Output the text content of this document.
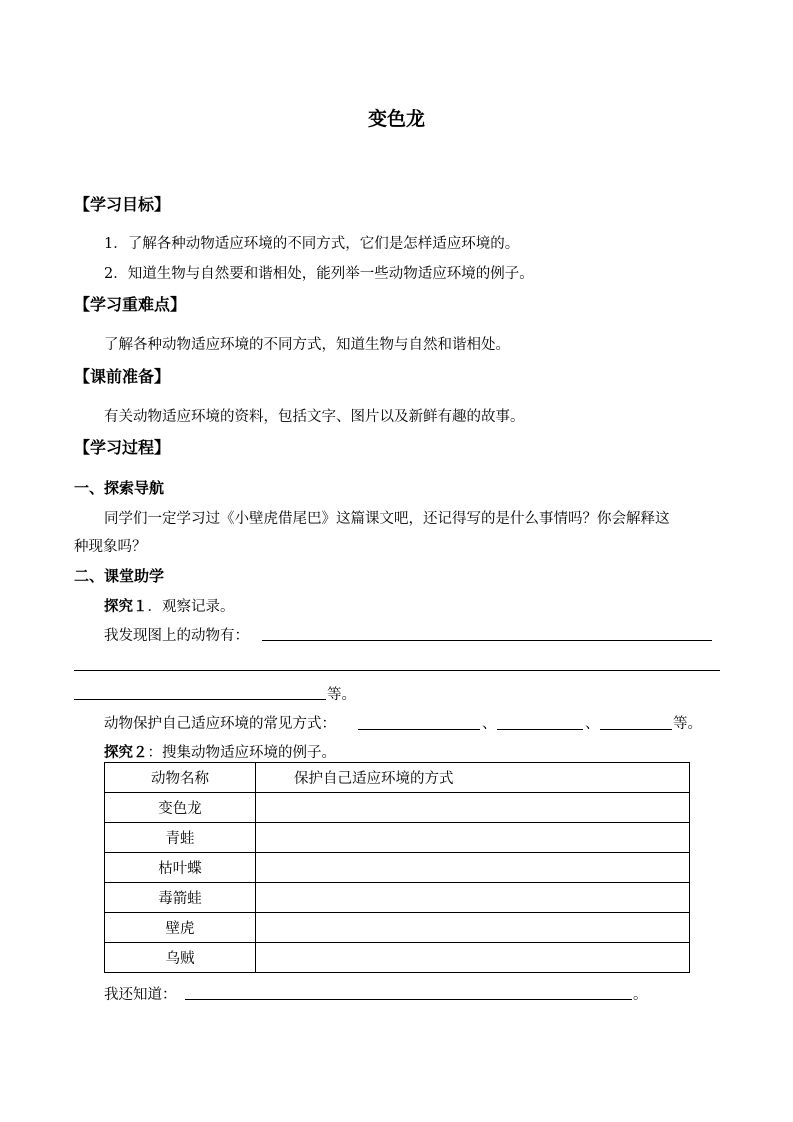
变色龙
【学习目标】
1．了解各种动物适应环境的不同方式，它们是怎样适应环境的。
2．知道生物与自然要和谐相处，能列举一些动物适应环境的例子。
【学习重难点】
了解各种动物适应环境的不同方式，知道生物与自然和谐相处。
【课前准备】
有关动物适应环境的资料，包括文字、图片以及新鲜有趣的故事。
【学习过程】
一、探索导航
同学们一定学习过《小壁虎借尾巴》这篇课文吧，还记得写的是什么事情吗？你会解释这
种现象吗？
二、课堂助学
探究１．观察记录。
我发现图上的动物有：
等。
动物保护自己适应环境的常见方式：	、	、	等。
探究２：搜集动物适应环境的例子。
动物名称	保护自己适应环境的方式
变色龙	
青蛙	
枯叶蝶	
毒箭蛙	
壁虎	
乌贼	
我还知道：	。
